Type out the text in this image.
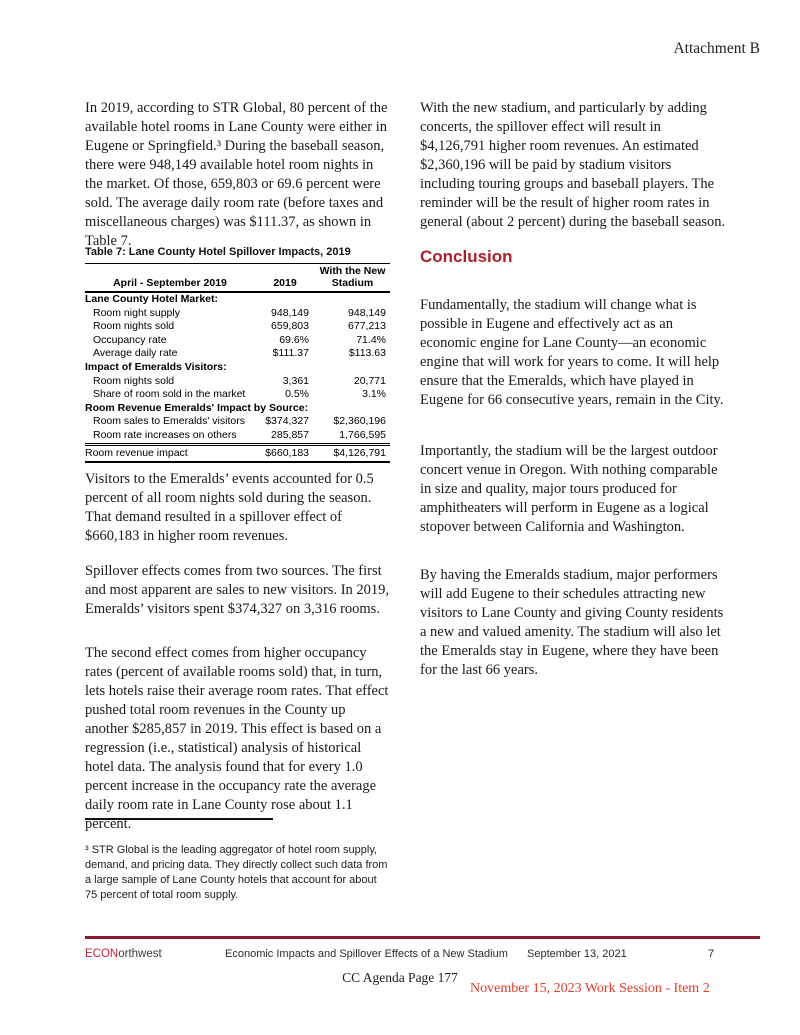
Attachment B

In 2019, according to STR Global, 80 percent of the available hotel rooms in Lane County were either in Eugene or Springfield.³ During the baseball season, there were 948,149 available hotel room nights in the market. Of those, 659,803 or 69.6 percent were sold. The average daily room rate (before taxes and miscellaneous charges) was $111.37, as shown in Table 7.

Table 7: Lane County Hotel Spillover Impacts, 2019
April - September 2019	2019	With the New
Stadium

Lane County Hotel Market:		
Room night supply	948,149	948,149
Room nights sold	659,803	677,213
Occupancy rate	69.6%	71.4%
Average daily rate	$111.37	$113.63
Impact of Emeralds Visitors:		
Room nights sold	3,361	20,771
Share of room sold in the market	0.5%	3.1%
Room Revenue Emeralds' Impact by Source:		
Room sales to Emeralds' visitors	$374,327	$2,360,196
Room rate increases on others	285,857	1,766,595
Room revenue impact	$660,183	$4,126,791

Visitors to the Emeralds’ events accounted for 0.5 percent of all room nights sold during the season. That demand resulted in a spillover effect of $660,183 in higher room revenues.

Spillover effects comes from two sources. The first and most apparent are sales to new visitors. In 2019, Emeralds’ visitors spent $374,327 on 3,316 rooms.

The second effect comes from higher occupancy rates (percent of available rooms sold) that, in turn, lets hotels raise their average room rates. That effect pushed total room revenues in the County up another $285,857 in 2019. This effect is based on a regression (i.e., statistical) analysis of historical hotel data. The analysis found that for every 1.0 percent increase in the occupancy rate the average daily room rate in Lane County rose about 1.1 percent.

³ STR Global is the leading aggregator of hotel room supply, demand, and pricing data. They directly collect such data from a large sample of Lane County hotels that account for about 75 percent of total room supply.

With the new stadium, and particularly by adding concerts, the spillover effect will result in $4,126,791 higher room revenues. An estimated $2,360,196 will be paid by stadium visitors including touring groups and baseball players. The reminder will be the result of higher room rates in general (about 2 percent) during the baseball season.

Conclusion

Fundamentally, the stadium will change what is possible in Eugene and effectively act as an economic engine for Lane County—an economic engine that will work for years to come. It will help ensure that the Emeralds, which have played in Eugene for 66 consecutive years, remain in the City.

Importantly, the stadium will be the largest outdoor concert venue in Oregon. With nothing comparable in size and quality, major tours produced for amphitheaters will perform in Eugene as a logical stopover between California and Washington.

By having the Emeralds stadium, major performers will add Eugene to their schedules attracting new visitors to Lane County and giving County residents a new and valued amenity. The stadium will also let the Emeralds stay in Eugene, where they have been for the last 66 years.

ECONorthwest	Economic Impacts and Spillover Effects of a New Stadium September 13, 2021	7
CC Agenda Page 177
November 15, 2023 Work Session - Item 2
